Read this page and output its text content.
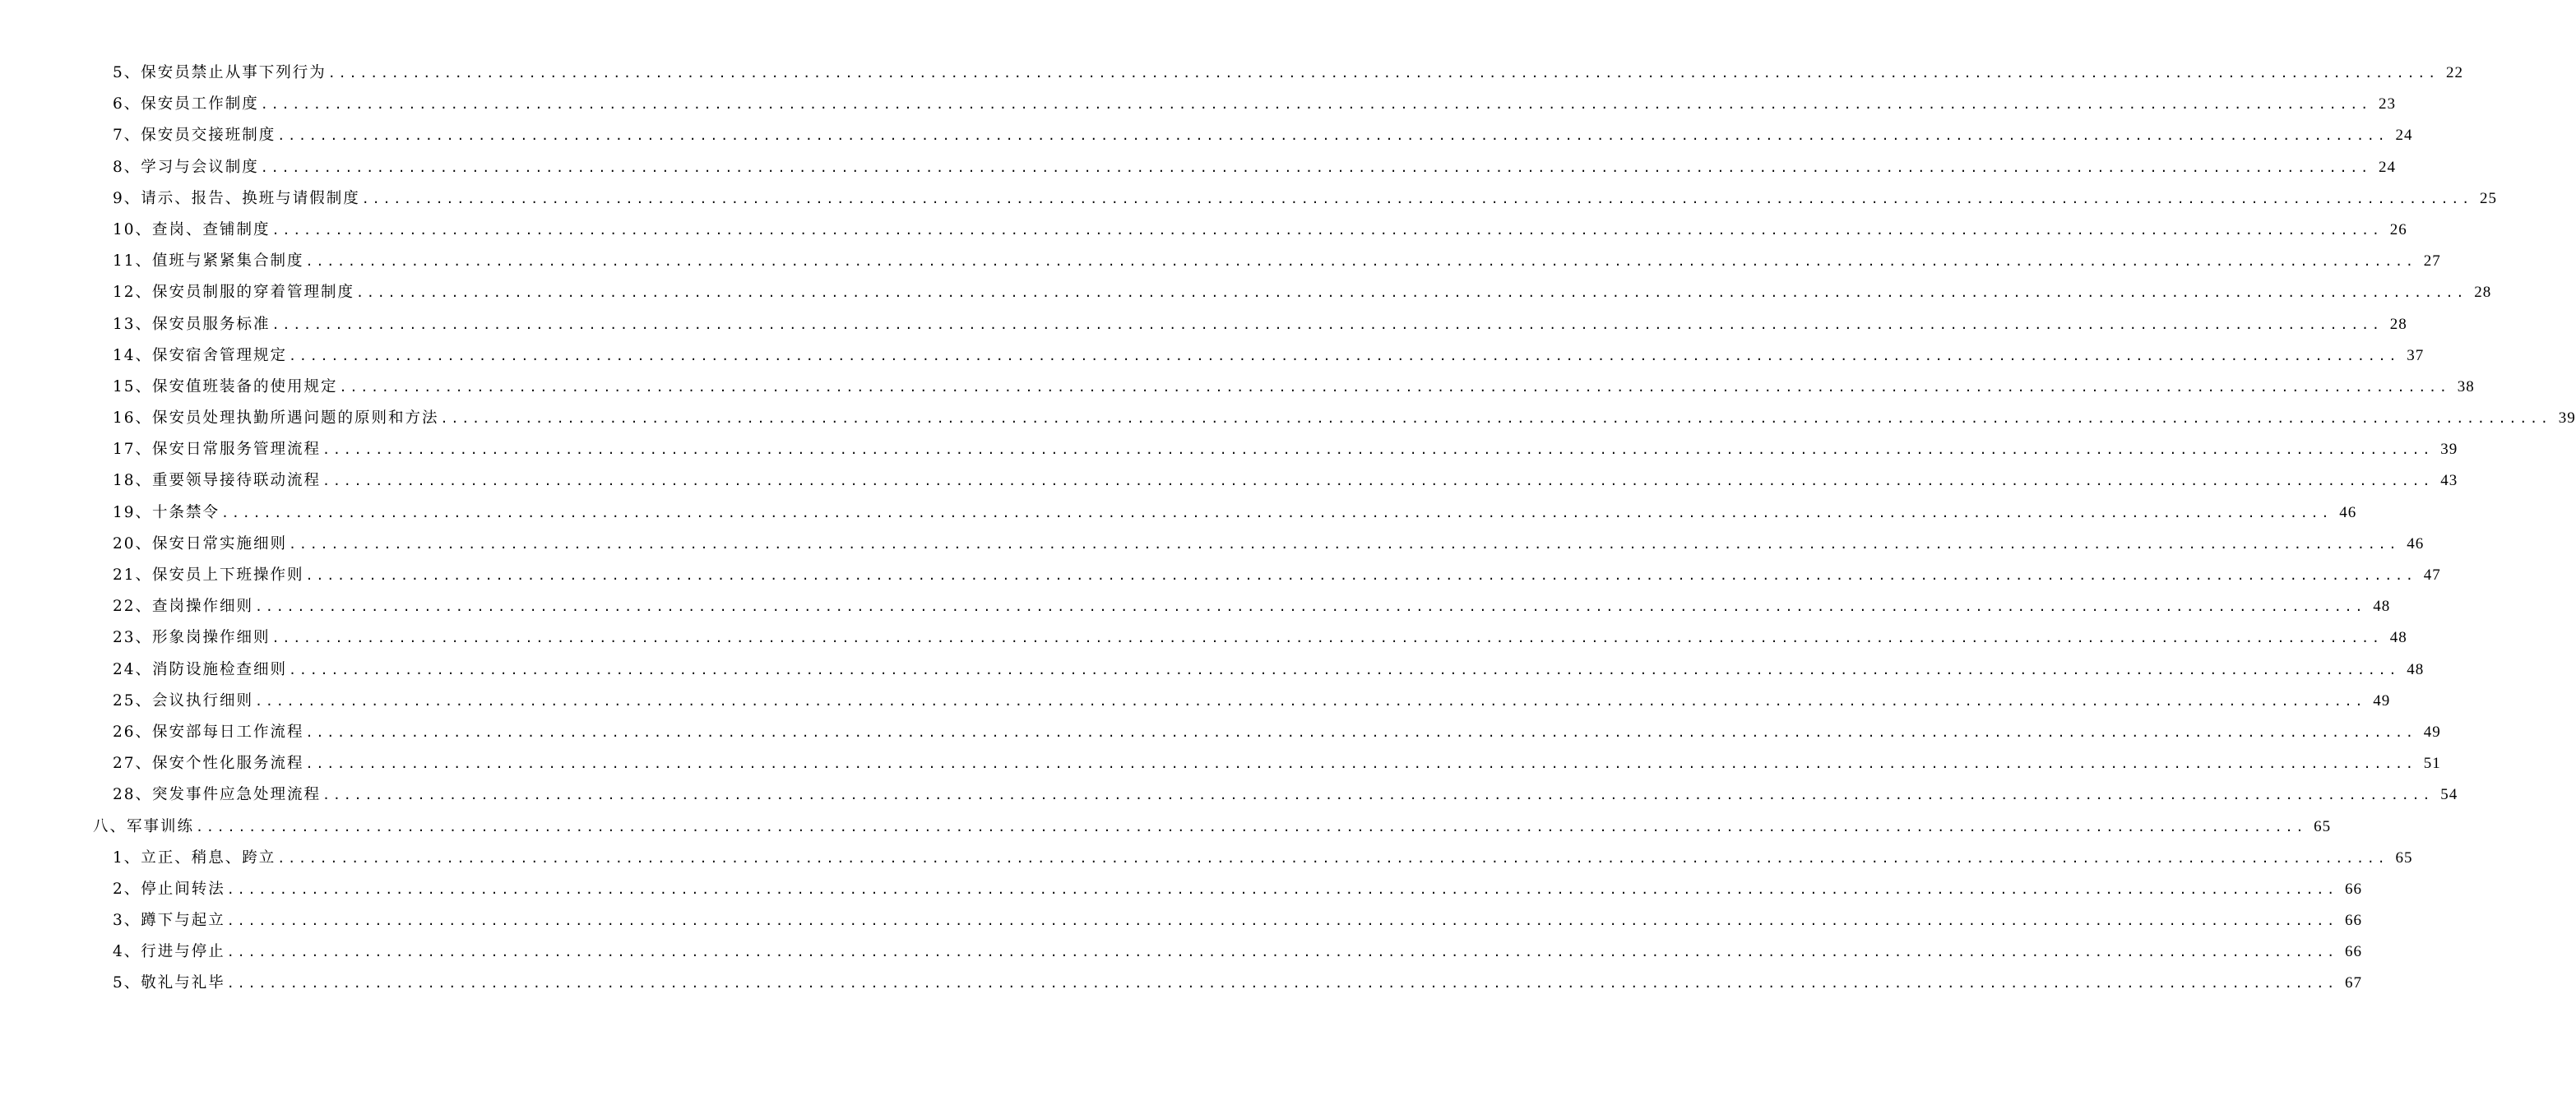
5、保安员禁止从事下列行为 ........................................................................................................................................................................................................ 22
6、保安员工作制度 ........................................................................................................................................................................................................ 23
7、保安员交接班制度 ........................................................................................................................................................................................................ 24
8、学习与会议制度 ........................................................................................................................................................................................................ 24
9、请示、报告、换班与请假制度 ........................................................................................................................................................................................................ 25
10、查岗、查铺制度 ........................................................................................................................................................................................................ 26
11、值班与紧紧集合制度 ........................................................................................................................................................................................................ 27
12、保安员制服的穿着管理制度 ........................................................................................................................................................................................................ 28
13、保安员服务标准 ........................................................................................................................................................................................................ 28
14、保安宿舍管理规定 ........................................................................................................................................................................................................ 37
15、保安值班装备的使用规定 ........................................................................................................................................................................................................ 38
16、保安员处理执勤所遇问题的原则和方法 ........................................................................................................................................................................................................ 39
17、保安日常服务管理流程 ........................................................................................................................................................................................................ 39
18、重要领导接待联动流程 ........................................................................................................................................................................................................ 43
19、十条禁令 ........................................................................................................................................................................................................ 46
20、保安日常实施细则 ........................................................................................................................................................................................................ 46
21、保安员上下班操作则 ........................................................................................................................................................................................................ 47
22、查岗操作细则 ........................................................................................................................................................................................................ 48
23、形象岗操作细则 ........................................................................................................................................................................................................ 48
24、消防设施检查细则 ........................................................................................................................................................................................................ 48
25、会议执行细则 ........................................................................................................................................................................................................ 49
26、保安部每日工作流程 ........................................................................................................................................................................................................ 49
27、保安个性化服务流程 ........................................................................................................................................................................................................ 51
28、突发事件应急处理流程 ........................................................................................................................................................................................................ 54
八、军事训练 ........................................................................................................................................................................................................ 65
1、立正、稍息、跨立 ........................................................................................................................................................................................................ 65
2、停止间转法 ........................................................................................................................................................................................................ 66
3、蹲下与起立 ........................................................................................................................................................................................................ 66
4、行进与停止 ........................................................................................................................................................................................................ 66
5、敬礼与礼毕 ........................................................................................................................................................................................................ 67
